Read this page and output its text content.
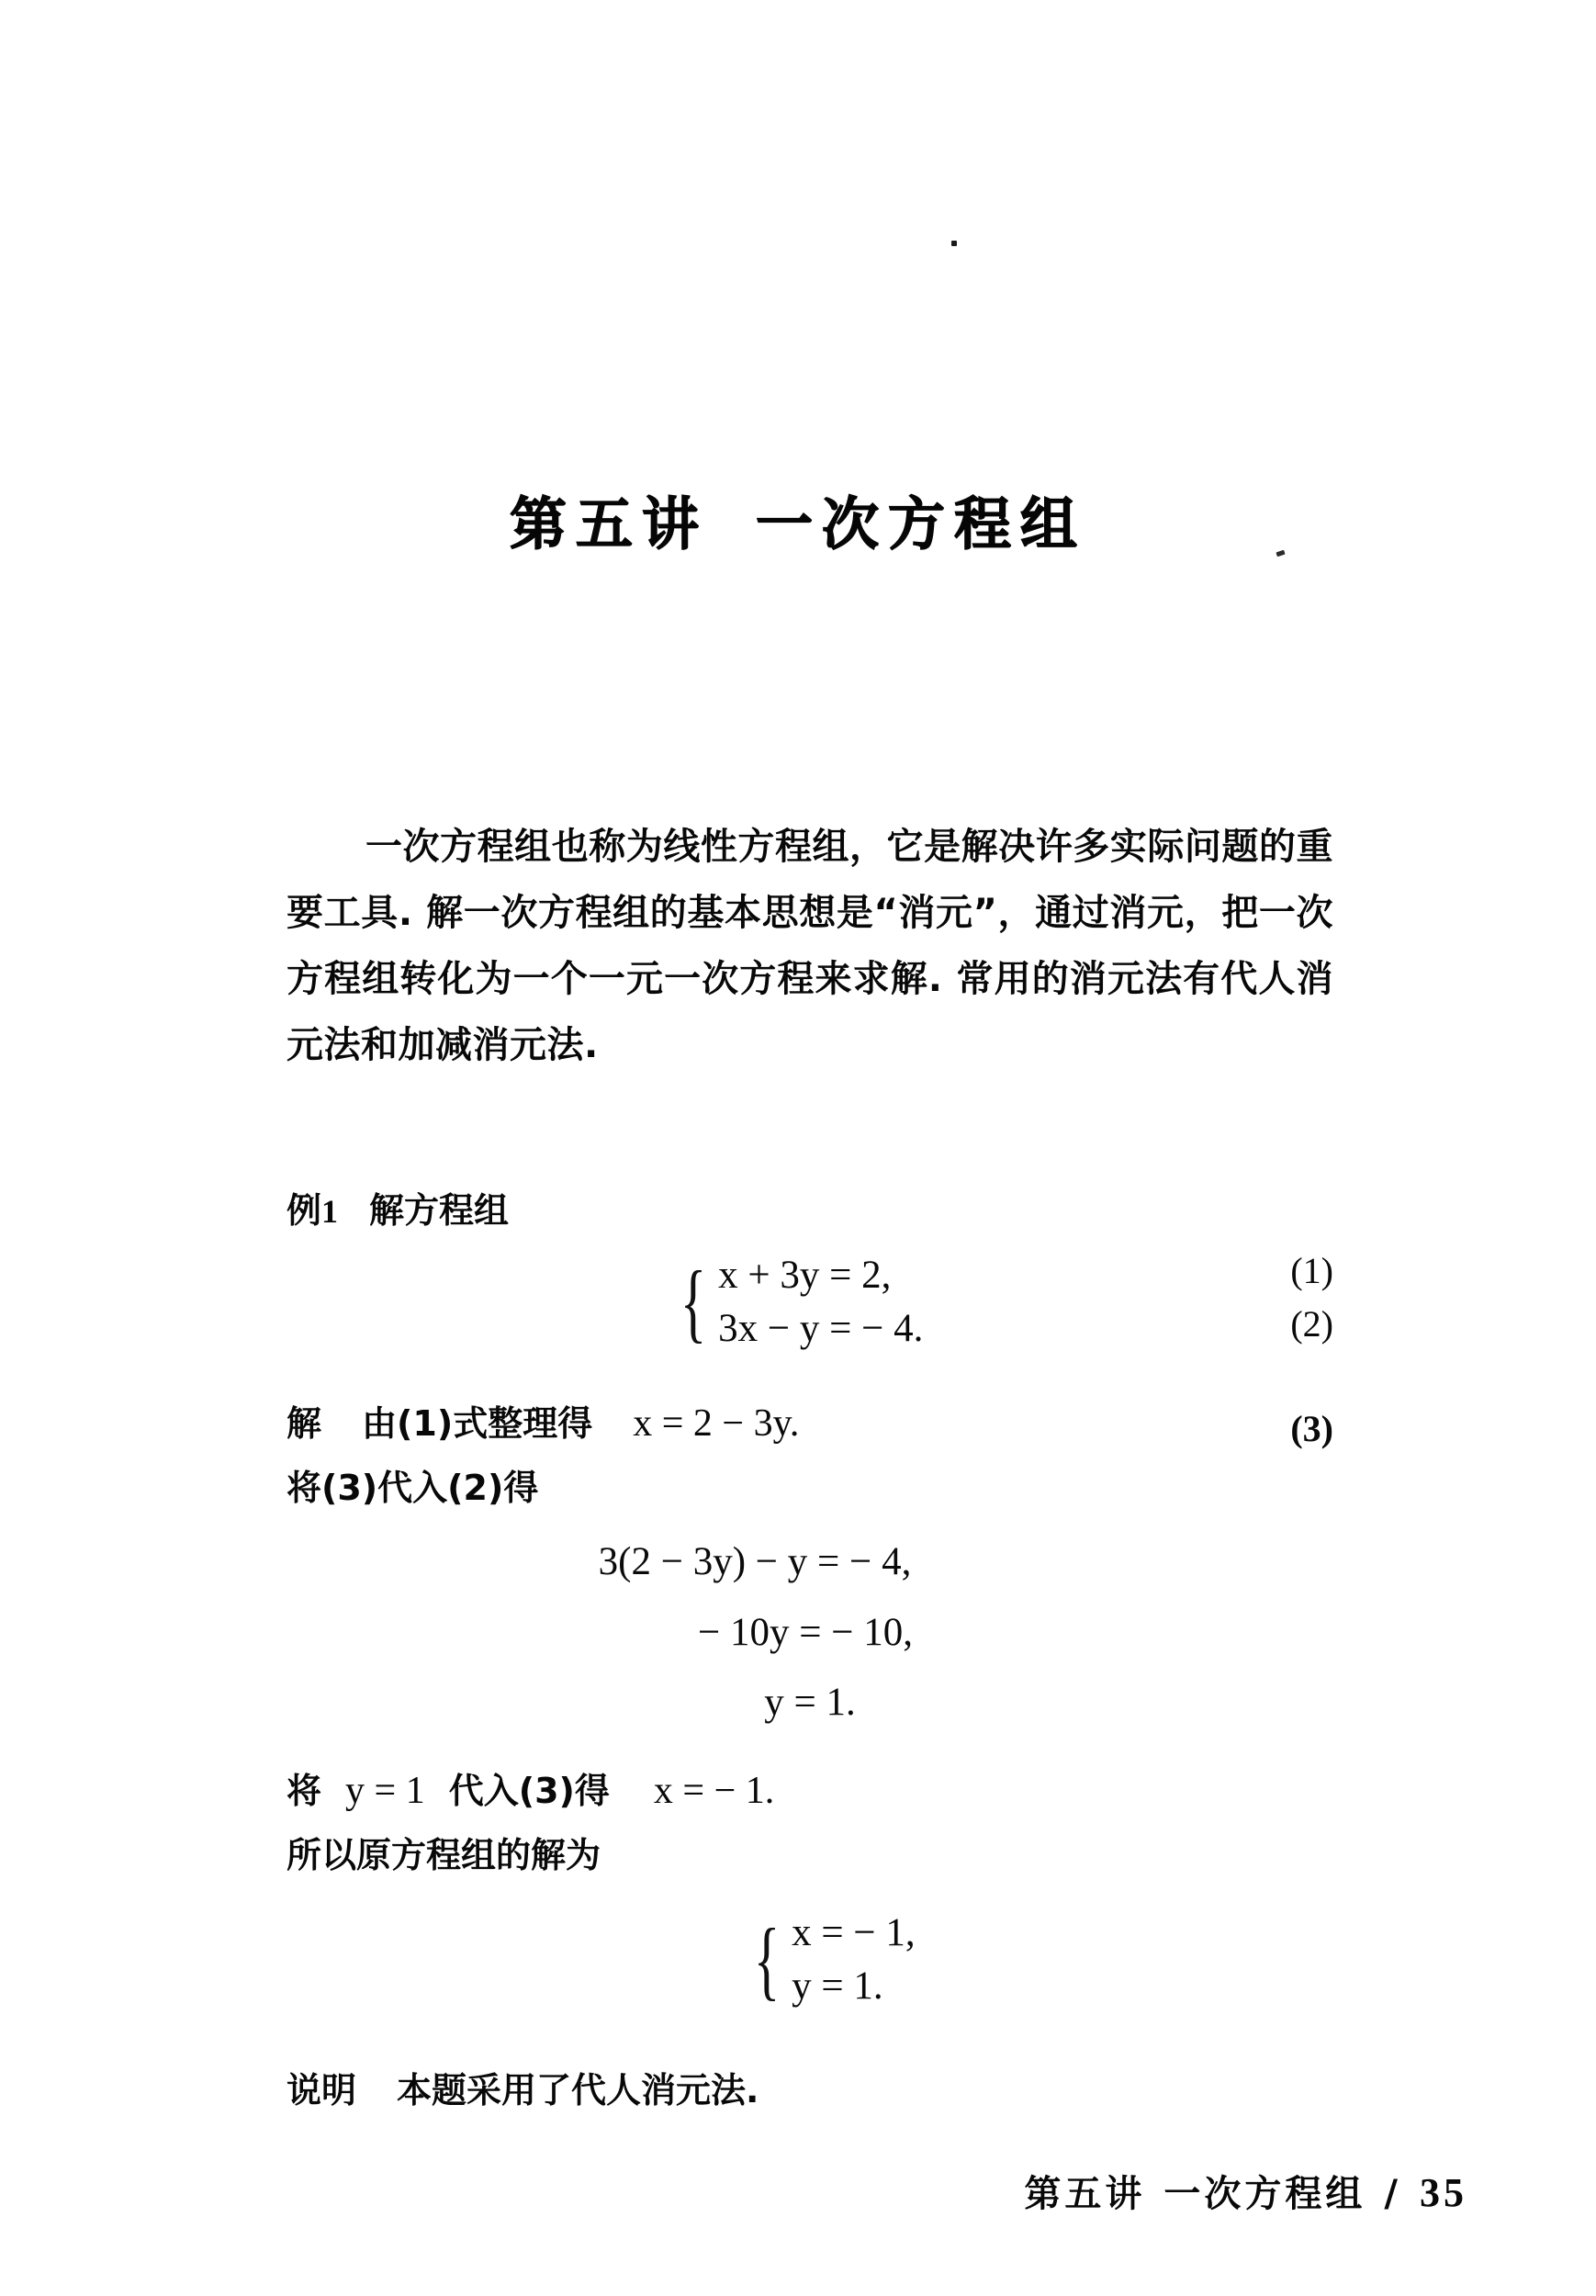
第五讲 一次方程组

一次方程组也称为线性方程组，它是解决许多实际问题的重要工具. 解一次方程组的基本思想是“消元”，通过消元，把一次方程组转化为一个一元一次方程来求解. 常用的消元法有代人消元法和加减消元法.

例1 解方程组
{ x + 3y = 2,
3x − y = − 4.
(1)
(2)
解 由(1)式整理得 x = 2 − 3y.	(3)
将(3)代入(2)得
3(2 − 3y) − y = − 4,
− 10y = − 10,
y = 1.
将 y = 1 代入(3)得 x = − 1.
所以原方程组的解为
{ x = − 1,
y = 1.
说明 本题采用了代人消元法.
第五讲 一次方程组 / 35
